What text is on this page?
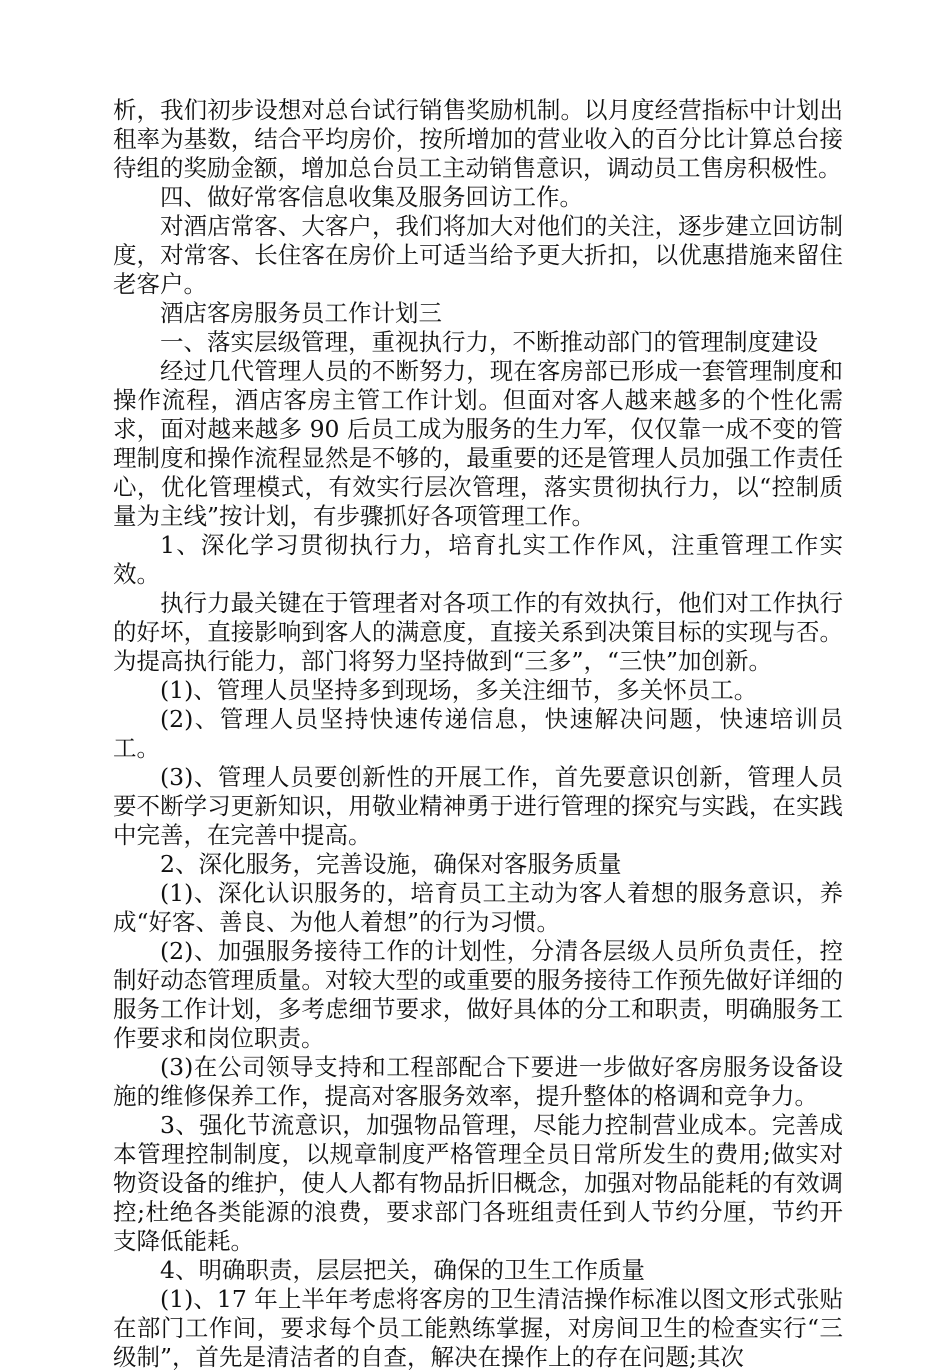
析，我们初步设想对总台试行销售奖励机制。以月度经营指标中计划出租率为基数，结合平均房价，按所增加的营业收入的百分比计算总台接待组的奖励金额，增加总台员工主动销售意识，调动员工售房积极性。

四、做好常客信息收集及服务回访工作。

对酒店常客、大客户，我们将加大对他们的关注，逐步建立回访制度，对常客、长住客在房价上可适当给予更大折扣，以优惠措施来留住老客户。

酒店客房服务员工作计划三

一、落实层级管理，重视执行力，不断推动部门的管理制度建设

经过几代管理人员的不断努力，现在客房部已形成一套管理制度和操作流程，酒店客房主管工作计划。但面对客人越来越多的个性化需求，面对越来越多 90 后员工成为服务的生力军，仅仅靠一成不变的管理制度和操作流程显然是不够的，最重要的还是管理人员加强工作责任心，优化管理模式，有效实行层次管理，落实贯彻执行力，以“控制质量为主线”按计划，有步骤抓好各项管理工作。

1、深化学习贯彻执行力，培育扎实工作作风，注重管理工作实效。

执行力最关键在于管理者对各项工作的有效执行，他们对工作执行的好坏，直接影响到客人的满意度，直接关系到决策目标的实现与否。为提高执行能力，部门将努力坚持做到“三多”，“三快”加创新。

(1)、管理人员坚持多到现场，多关注细节，多关怀员工。

(2)、管理人员坚持快速传递信息，快速解决问题，快速培训员工。

(3)、管理人员要创新性的开展工作，首先要意识创新，管理人员要不断学习更新知识，用敬业精神勇于进行管理的探究与实践，在实践中完善，在完善中提高。

2、深化服务，完善设施，确保对客服务质量

(1)、深化认识服务的，培育员工主动为客人着想的服务意识，养成“好客、善良、为他人着想”的行为习惯。

(2)、加强服务接待工作的计划性，分清各层级人员所负责任，控制好动态管理质量。对较大型的或重要的服务接待工作预先做好详细的服务工作计划，多考虑细节要求，做好具体的分工和职责，明确服务工作要求和岗位职责。

(3)在公司领导支持和工程部配合下要进一步做好客房服务设备设施的维修保养工作，提高对客服务效率，提升整体的格调和竞争力。

3、强化节流意识，加强物品管理，尽能力控制营业成本。完善成本管理控制制度，以规章制度严格管理全员日常所发生的费用;做实对物资设备的维护，使人人都有物品折旧概念，加强对物品能耗的有效调控;杜绝各类能源的浪费，要求部门各班组责任到人节约分厘，节约开支降低能耗。

4、明确职责，层层把关，确保的卫生工作质量

(1)、17 年上半年考虑将客房的卫生清洁操作标准以图文形式张贴在部门工作间，要求每个员工能熟练掌握，对房间卫生的检查实行“三级制”，首先是清洁者的自查，解决在操作上的存在问题;其次
